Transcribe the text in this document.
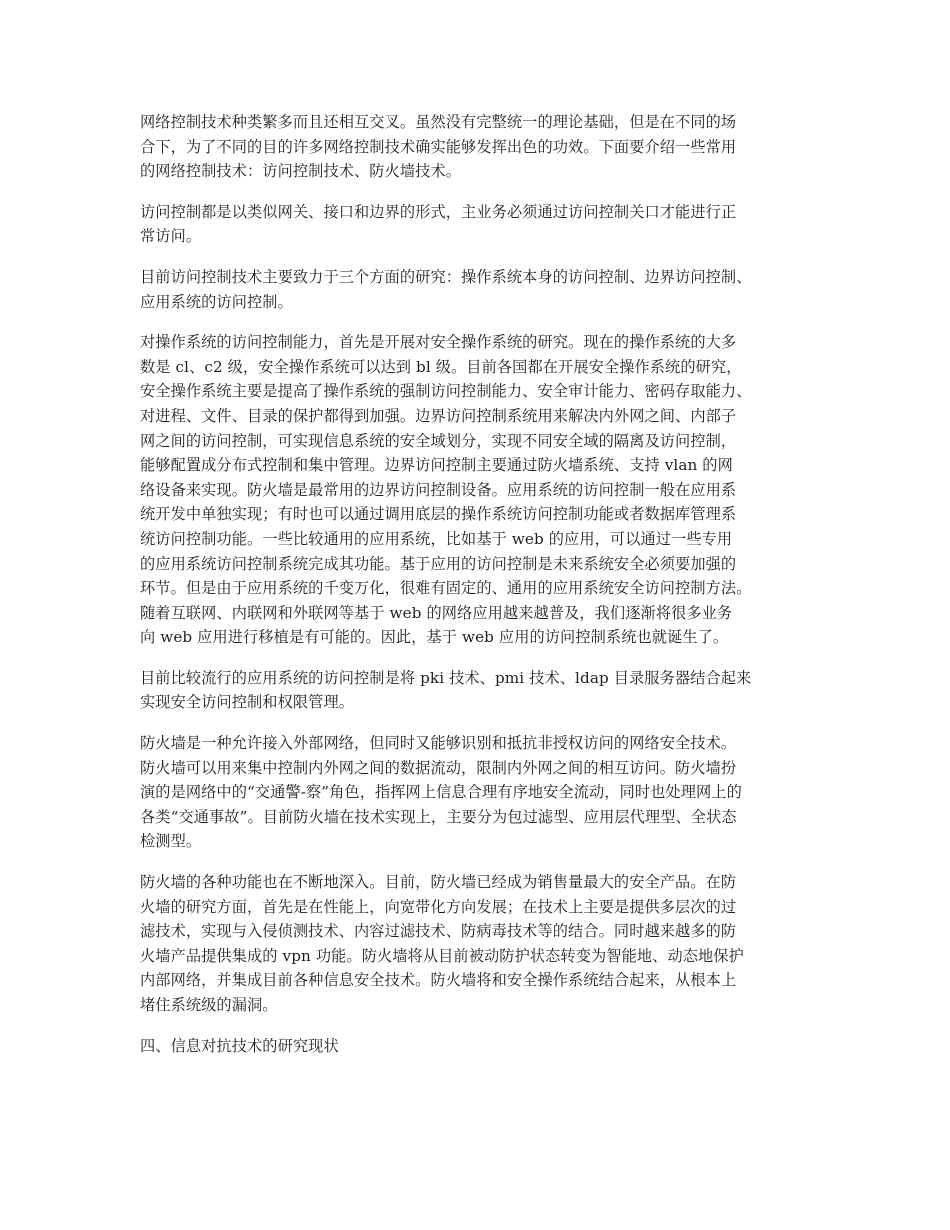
网络控制技术种类繁多而且还相互交叉。虽然没有完整统一的理论基础，但是在不同的场
合下，为了不同的目的许多网络控制技术确实能够发挥出色的功效。下面要介绍一些常用
的网络控制技术：访问控制技术、防火墙技术。
访问控制都是以类似网关、接口和边界的形式，主业务必须通过访问控制关口才能进行正
常访问。
目前访问控制技术主要致力于三个方面的研究：操作系统本身的访问控制、边界访问控制、
应用系统的访问控制。
对操作系统的访问控制能力，首先是开展对安全操作系统的研究。现在的操作系统的大多
数是 cl、c2 级，安全操作系统可以达到 bl 级。目前各国都在开展安全操作系统的研究，
安全操作系统主要是提高了操作系统的强制访问控制能力、安全审计能力、密码存取能力、
对进程、文件、目录的保护都得到加强。边界访问控制系统用来解决内外网之间、内部子
网之间的访问控制，可实现信息系统的安全域划分，实现不同安全域的隔离及访问控制，
能够配置成分布式控制和集中管理。边界访问控制主要通过防火墙系统、支持 vlan 的网
络设备来实现。防火墙是最常用的边界访问控制设备。应用系统的访问控制一般在应用系
统开发中单独实现；有时也可以通过调用底层的操作系统访问控制功能或者数据库管理系
统访问控制功能。一些比较通用的应用系统，比如基于 web 的应用，可以通过一些专用
的应用系统访问控制系统完成其功能。基于应用的访问控制是未来系统安全必须要加强的
环节。但是由于应用系统的千变万化，很难有固定的、通用的应用系统安全访问控制方法。
随着互联网、内联网和外联网等基于 web 的网络应用越来越普及，我们逐渐将很多业务
向 web 应用进行移植是有可能的。因此，基于 web 应用的访问控制系统也就诞生了。
目前比较流行的应用系统的访问控制是将 pki 技术、pmi 技术、ldap 目录服务器结合起来
实现安全访问控制和权限管理。
防火墙是一种允许接入外部网络，但同时又能够识别和抵抗非授权访问的网络安全技术。
防火墙可以用来集中控制内外网之间的数据流动，限制内外网之间的相互访问。防火墙扮
演的是网络中的“交通警-察”角色，指挥网上信息合理有序地安全流动，同时也处理网上的
各类“交通事故”。目前防火墙在技术实现上，主要分为包过滤型、应用层代理型、全状态
检测型。
防火墙的各种功能也在不断地深入。目前，防火墙已经成为销售量最大的安全产品。在防
火墙的研究方面，首先是在性能上，向宽带化方向发展；在技术上主要是提供多层次的过
滤技术，实现与入侵侦测技术、内容过滤技术、防病毒技术等的结合。同时越来越多的防
火墙产品提供集成的 vpn 功能。防火墙将从目前被动防护状态转变为智能地、动态地保护
内部网络，并集成目前各种信息安全技术。防火墙将和安全操作系统结合起来，从根本上
堵住系统级的漏洞。
四、信息对抗技术的研究现状
